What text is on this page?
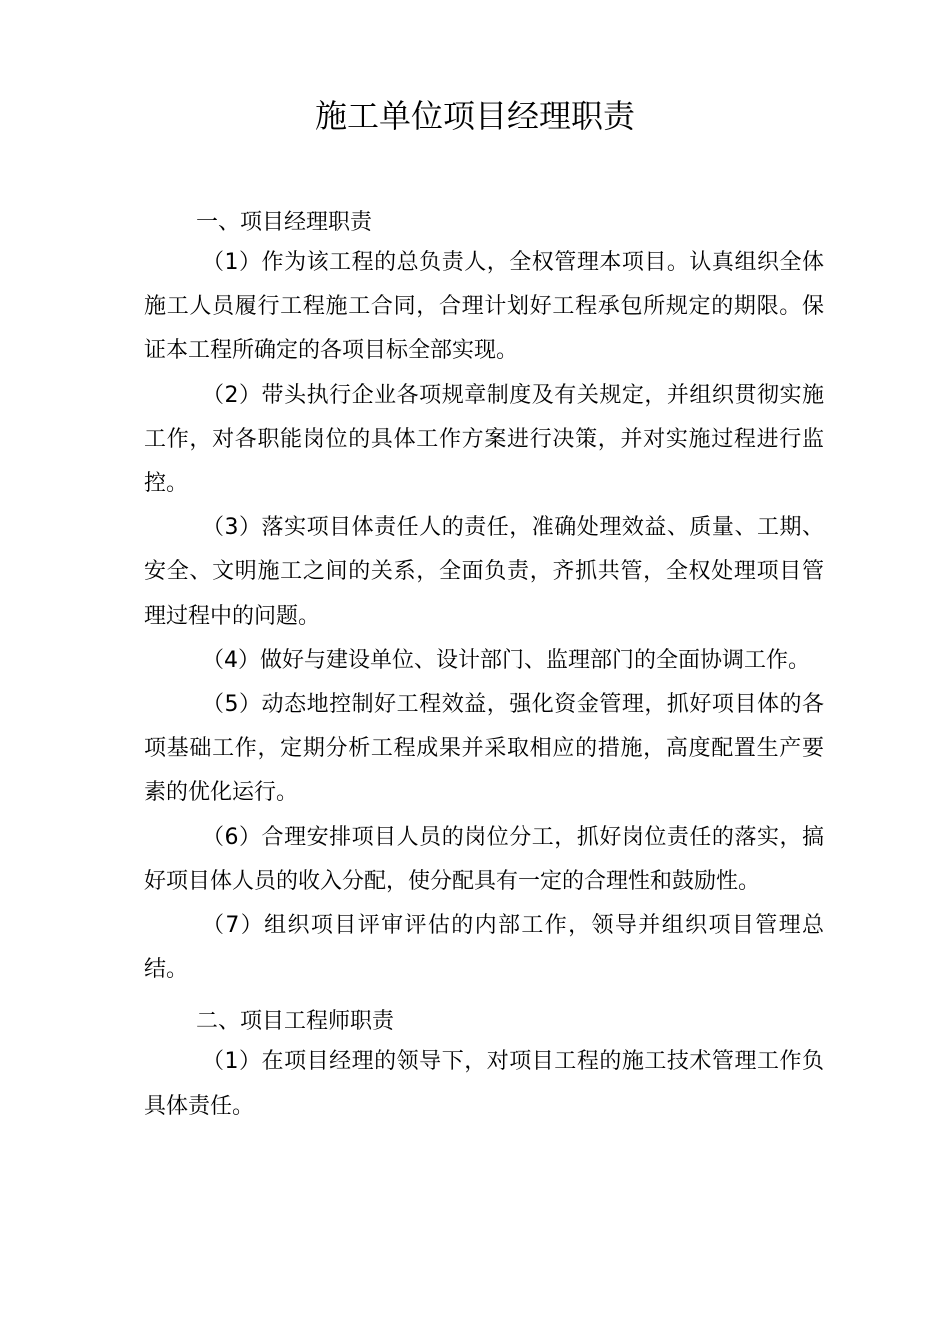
施工单位项目经理职责
一、项目经理职责

（1）作为该工程的总负责人，全权管理本项目。认真组织全体施工人员履行工程施工合同，合理计划好工程承包所规定的期限。保证本工程所确定的各项目标全部实现。

（2）带头执行企业各项规章制度及有关规定，并组织贯彻实施工作，对各职能岗位的具体工作方案进行决策，并对实施过程进行监控。

（3）落实项目体责任人的责任，准确处理效益、质量、工期、安全、文明施工之间的关系，全面负责，齐抓共管，全权处理项目管理过程中的问题。

（4）做好与建设单位、设计部门、监理部门的全面协调工作。

（5）动态地控制好工程效益，强化资金管理，抓好项目体的各项基础工作，定期分析工程成果并采取相应的措施，高度配置生产要素的优化运行。

（6）合理安排项目人员的岗位分工，抓好岗位责任的落实，搞好项目体人员的收入分配，使分配具有一定的合理性和鼓励性。

（7）组织项目评审评估的内部工作，领导并组织项目管理总结。

二、项目工程师职责

（1）在项目经理的领导下，对项目工程的施工技术管理工作负具体责任。
